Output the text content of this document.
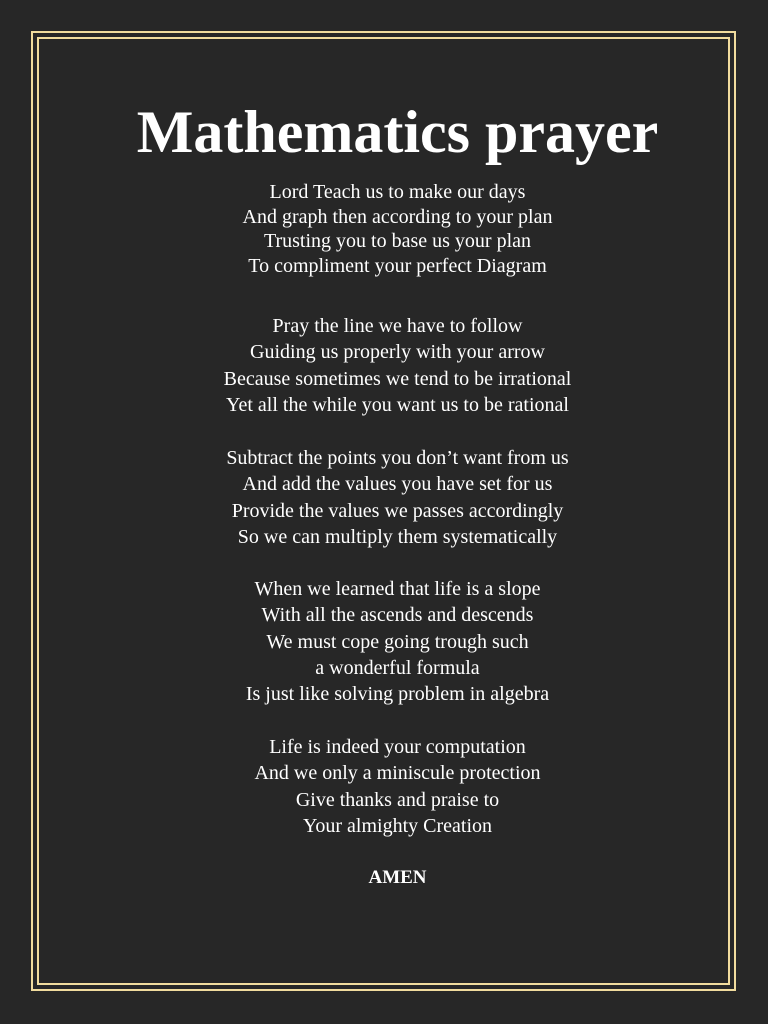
Mathematics prayer
Lord Teach us to make our days
And graph then according to your plan
Trusting you to base us your plan
To compliment your perfect Diagram
Pray the line we have to follow
Guiding us properly with your arrow
Because sometimes we tend to be irrational
Yet all the while you want us to be rational
Subtract the points you don’t want from us
And add the values you have set for us
Provide the values we passes accordingly
So we can multiply them systematically
When we learned that life is a slope
With all the ascends and descends
We must cope going trough such
a wonderful formula
Is just like solving problem in algebra
Life is indeed your computation
And we only a miniscule protection
Give thanks and praise to
Your almighty Creation
AMEN
